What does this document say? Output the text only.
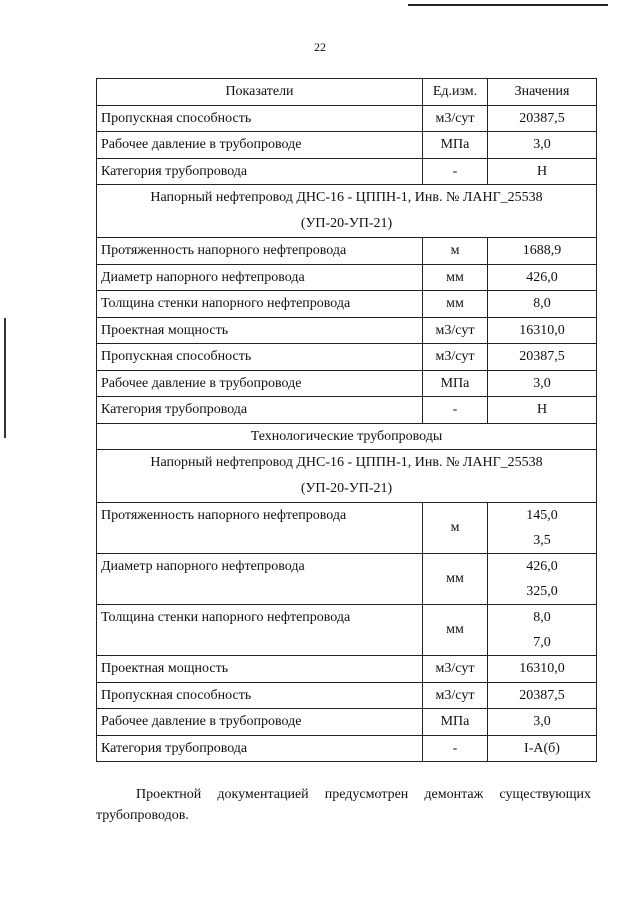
22
Показатели	Ед.изм.	Значения
Пропускная способность	м3/сут	20387,5
Рабочее давление в трубопроводе	МПа	3,0
Категория трубопровода	-	Н
Напорный нефтепровод ДНС-16 - ЦППН-1, Инв. № ЛАНГ_25538
(УП-20-УП-21)		
Протяженность напорного нефтепровода	м	1688,9
Диаметр напорного нефтепровода	мм	426,0
Толщина стенки напорного нефтепровода	мм	8,0
Проектная мощность	м3/сут	16310,0
Пропускная способность	м3/сут	20387,5
Рабочее давление в трубопроводе	МПа	3,0
Категория трубопровода	-	Н
Технологические трубопроводы		
Напорный нефтепровод ДНС-16 - ЦППН-1, Инв. № ЛАНГ_25538
(УП-20-УП-21)		
Протяженность напорного нефтепровода	м	145,0
3,5

Диаметр напорного нефтепровода	мм	426,0
325,0

Толщина стенки напорного нефтепровода	мм	8,0
7,0

Проектная мощность	м3/сут	16310,0
Пропускная способность	м3/сут	20387,5
Рабочее давление в трубопроводе	МПа	3,0
Категория трубопровода	-	I-А(б)
Проектной документацией предусмотрен демонтаж существующих трубопроводов.
